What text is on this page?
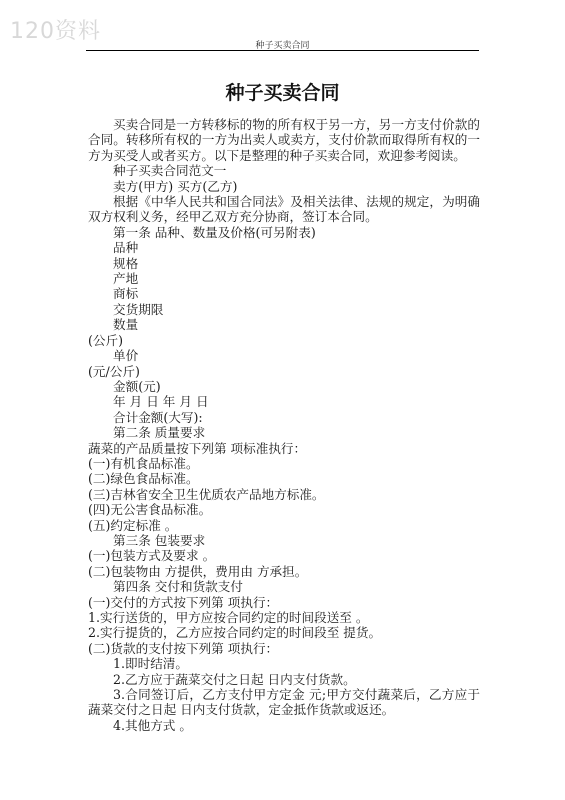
120资料
种子买卖合同
种子买卖合同

买卖合同是一方转移标的物的所有权于另一方，另一方支付价款的合同。转移所有权的一方为出卖人或卖方，支付价款而取得所有权的一方为买受人或者买方。以下是整理的种子买卖合同，欢迎参考阅读。

种子买卖合同范文一

卖方(甲方) 买方(乙方)

根据《中华人民共和国合同法》及相关法律、法规的规定，为明确双方权利义务，经甲乙双方充分协商，签订本合同。

第一条 品种、数量及价格(可另附表)

品种

规格

产地

商标

交货期限

数量

(公斤)

单价

(元/公斤)

金额(元)

年 月 日 年 月 日

合计金额(大写):

第二条 质量要求

蔬菜的产品质量按下列第 项标准执行：

(一)有机食品标准。

(二)绿色食品标准。

(三)吉林省安全卫生优质农产品地方标准。

(四)无公害食品标准。

(五)约定标准 。

第三条 包装要求

(一)包装方式及要求 。

(二)包装物由 方提供，费用由 方承担。

第四条 交付和货款支付

(一)交付的方式按下列第 项执行：

1.实行送货的，甲方应按合同约定的时间段送至 。

2.实行提货的，乙方应按合同约定的时间段至 提货。

(二)货款的支付按下列第 项执行：

1.即时结清。

2.乙方应于蔬菜交付之日起 日内支付货款。

3.合同签订后，乙方支付甲方定金 元;甲方交付蔬菜后，乙方应于蔬菜交付之日起 日内支付货款，定金抵作货款或返还。

4.其他方式 。
